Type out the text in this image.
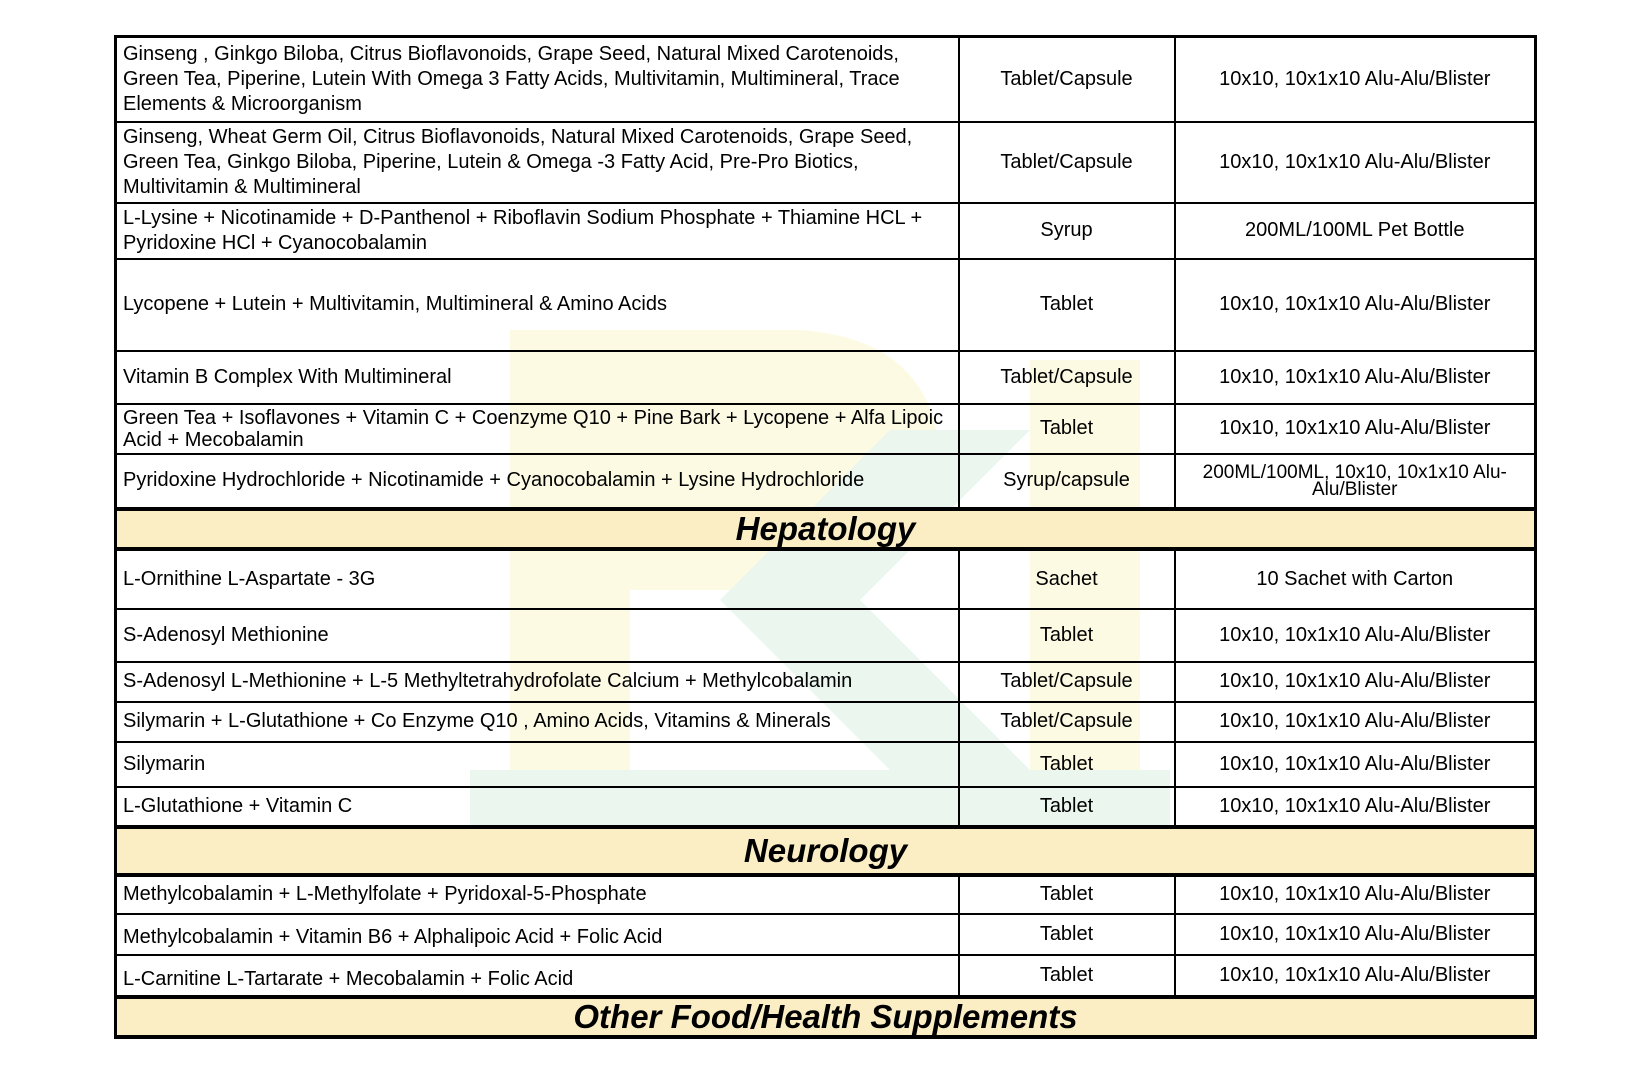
Ginseng , Ginkgo Biloba, Citrus Bioflavonoids, Grape Seed, Natural Mixed Carotenoids, Green Tea, Piperine, Lutein With Omega 3 Fatty Acids, Multivitamin, Multimineral, Trace Elements & Microorganism	Tablet/Capsule	10x10, 10x1x10 Alu-Alu/Blister
Ginseng, Wheat Germ Oil, Citrus Bioflavonoids, Natural Mixed Carotenoids, Grape Seed, Green Tea, Ginkgo Biloba, Piperine, Lutein & Omega -3 Fatty Acid, Pre-Pro Biotics, Multivitamin & Multimineral	Tablet/Capsule	10x10, 10x1x10 Alu-Alu/Blister
L-Lysine + Nicotinamide + D-Panthenol + Riboflavin Sodium Phosphate + Thiamine HCL + Pyridoxine HCl + Cyanocobalamin	Syrup	200ML/100ML Pet Bottle
Lycopene + Lutein + Multivitamin, Multimineral & Amino Acids	Tablet	10x10, 10x1x10 Alu-Alu/Blister
Vitamin B Complex With Multimineral	Tablet/Capsule	10x10, 10x1x10 Alu-Alu/Blister
Green Tea + Isoflavones + Vitamin C + Coenzyme Q10 + Pine Bark + Lycopene + Alfa Lipoic Acid + Mecobalamin	Tablet	10x10, 10x1x10 Alu-Alu/Blister
Pyridoxine Hydrochloride + Nicotinamide + Cyanocobalamin + Lysine Hydrochloride	Syrup/capsule	200ML/100ML, 10x10, 10x1x10 Alu-Alu/Blister
Hepatology		
L-Ornithine L-Aspartate - 3G	Sachet	10 Sachet with Carton
S-Adenosyl Methionine	Tablet	10x10, 10x1x10 Alu-Alu/Blister
S-Adenosyl L-Methionine + L-5 Methyltetrahydrofolate Calcium + Methylcobalamin	Tablet/Capsule	10x10, 10x1x10 Alu-Alu/Blister
Silymarin + L-Glutathione + Co Enzyme Q10 , Amino Acids, Vitamins & Minerals	Tablet/Capsule	10x10, 10x1x10 Alu-Alu/Blister
Silymarin	Tablet	10x10, 10x1x10 Alu-Alu/Blister
L-Glutathione + Vitamin C	Tablet	10x10, 10x1x10 Alu-Alu/Blister
Neurology		
Methylcobalamin + L-Methylfolate + Pyridoxal-5-Phosphate	Tablet	10x10, 10x1x10 Alu-Alu/Blister
Methylcobalamin + Vitamin B6 + Alphalipoic Acid + Folic Acid	Tablet	10x10, 10x1x10 Alu-Alu/Blister
L-Carnitine L-Tartarate + Mecobalamin + Folic Acid	Tablet	10x10, 10x1x10 Alu-Alu/Blister
Other Food/Health Supplements		
